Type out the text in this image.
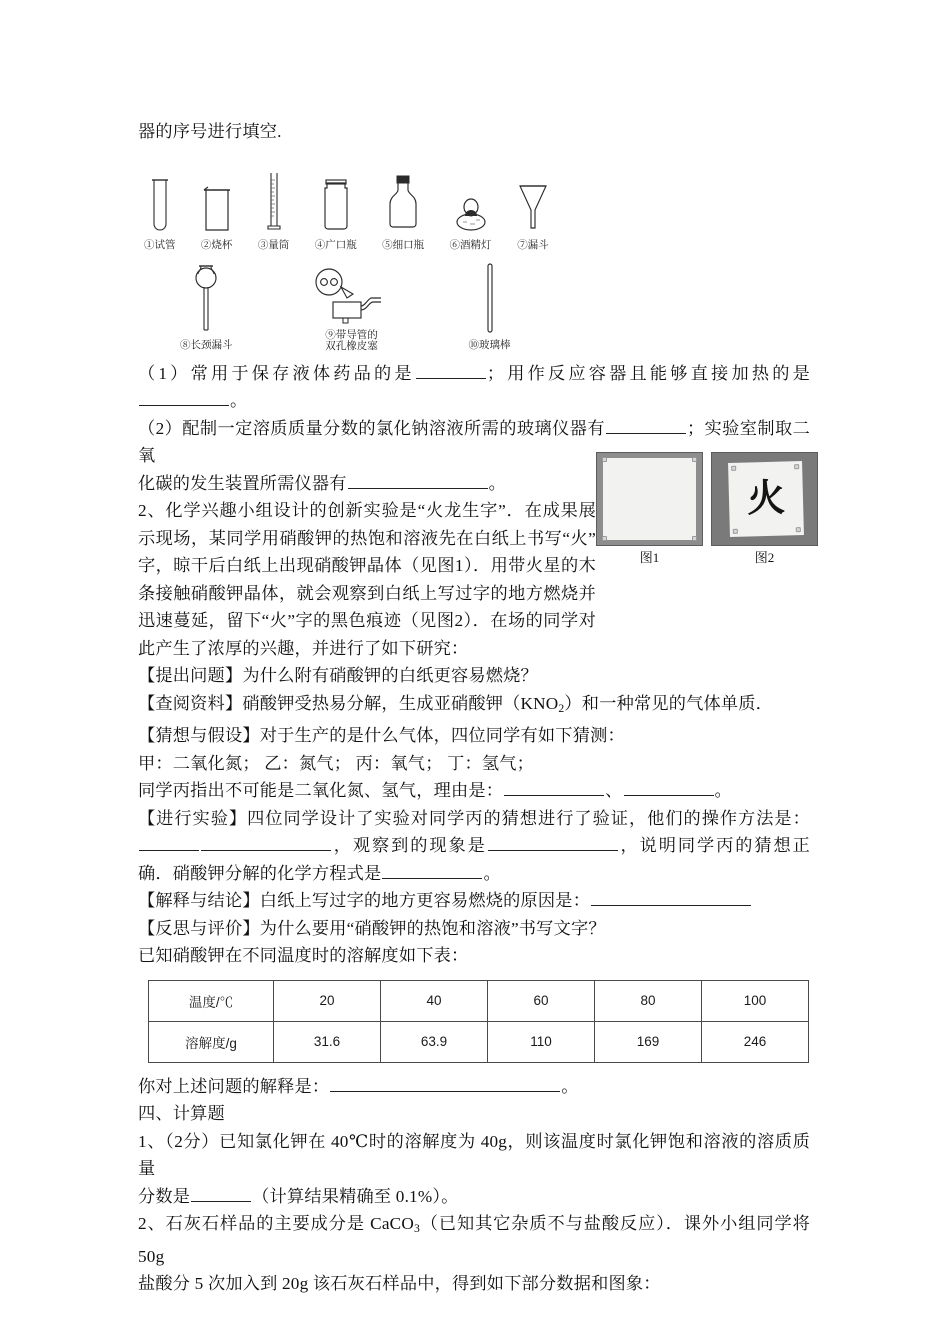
器的序号进行填空.

①试管 ②烧杯 ③量筒 ④广口瓶 ⑤细口瓶 ⑥酒精灯 ⑦漏斗
⑧长颈漏斗
⑨带导管的
双孔橡皮塞	⑩玻璃棒

（1）常用于保存液体药品的是	；用作反应容器且能够直接加热的是。

（2）配制一定溶质质量分数的氯化钠溶液所需的玻璃仪器有	；实验室制取二氧
化碳的发生装置所需仪器有	。

2、化学兴趣小组设计的创新实验是“火龙生字”．在成果展示现场，某同学用硝酸钾的热饱和溶液先在白纸上书写“火”字，晾干后白纸上出现硝酸钾晶体（见图1）．用带火星的木条接触硝酸钾晶体，就会观察到白纸上写过字的地方燃烧并迅速蔓延，留下“火”字的黑色痕迹（见图2）．在场的同学对此产生了浓厚的兴趣，并进行了如下研究：

【提出问题】为什么附有硝酸钾的白纸更容易燃烧？

【查阅资料】硝酸钾受热易分解，生成亚硝酸钾$(KNO_2)$和一种常见的气体单质．

【猜想与假设】对于生产的是什么气体，四位同学有如下猜测：

甲：二氧化氮； 乙：氮气； 丙：氧气； 丁：氢气；

同学丙指出不可能是二氧化氮、氢气，理由是：	、	。

【进行实验】四位同学设计了实验对同学丙的猜想进行了验证，他们的操作方法是：，观察到的现象是	，说明同学丙的猜想正确．硝酸钾分解的化学方程式是	。

【解释与结论】白纸上写过字的地方更容易燃烧的原因是：

【反思与评价】为什么要用“硝酸钾的热饱和溶液”书写文字？

已知硝酸钾在不同温度时的溶解度如下表：

温度/℃	20	40	60	80	100
溶解度/g	31.6	63.9	110	169	246

你对上述问题的解释是：	。

四、计算题

1、（2分）已知氯化钾在 40℃时的溶解度为 40g，则该温度时氯化钾饱和溶液的溶质质量
分数是	（计算结果精确至 0.1%）。

2、石灰石样品的主要成分是 CaCO$_3$（已知其它杂质不与盐酸反应）．课外小组同学将 50g
盐酸分 5 次加入到 20g 该石灰石样品中，得到如下部分数据和图象：

图1
火
图2
